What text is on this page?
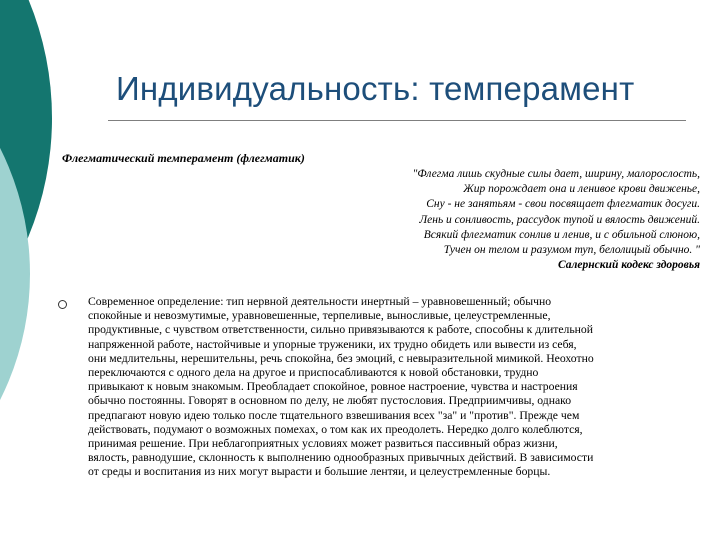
Индивидуальность: темперамент
Флегматический темперамент (флегматик)
"Флегма лишь скудные силы дает, ширину, малорослость,
Жир порождает она и ленивое крови движенье,
Сну - не занятьям - свои посвящает флегматик досуги.
Лень и сонливость, рассудок тупой и вялость движений.
Всякий флегматик сонлив и ленив, и с обильной слюною,
Тучен он телом и разумом туп, белолицый обычно. "
Салернский кодекс здоровья
Современное определение: тип нервной деятельности инертный – уравновешенный; обычно
спокойные и невозмутимые, уравновешенные, терпеливые, выносливые, целеустремленные,
продуктивные, с чувством ответственности, сильно привязываются к работе, способны к длительной
напряженной работе, настойчивые и упорные труженики, их трудно обидеть или вывести из себя,
они медлительны, нерешительны, речь спокойна, без эмоций, с невыразительной мимикой. Неохотно
переключаются с одного дела на другое и приспосабливаются к новой обстановки, трудно
привыкают к новым знакомым. Преобладает спокойное, ровное настроение, чувства и настроения
обычно постоянны. Говорят в основном по делу, не любят пустословия. Предприимчивы, однако
предпагают новую идею только после тщательного взвешивания всех "за" и "против". Прежде чем
действовать, подумают о возможных помехах, о том как их преодолеть. Нередко долго колеблются,
принимая решение. При неблагоприятных условиях может развиться пассивный образ жизни,
вялость, равнодушие, склонность к выполнению однообразных привычных действий. В зависимости
от среды и воспитания из них могут вырасти и большие лентяи, и целеустремленные борцы.
